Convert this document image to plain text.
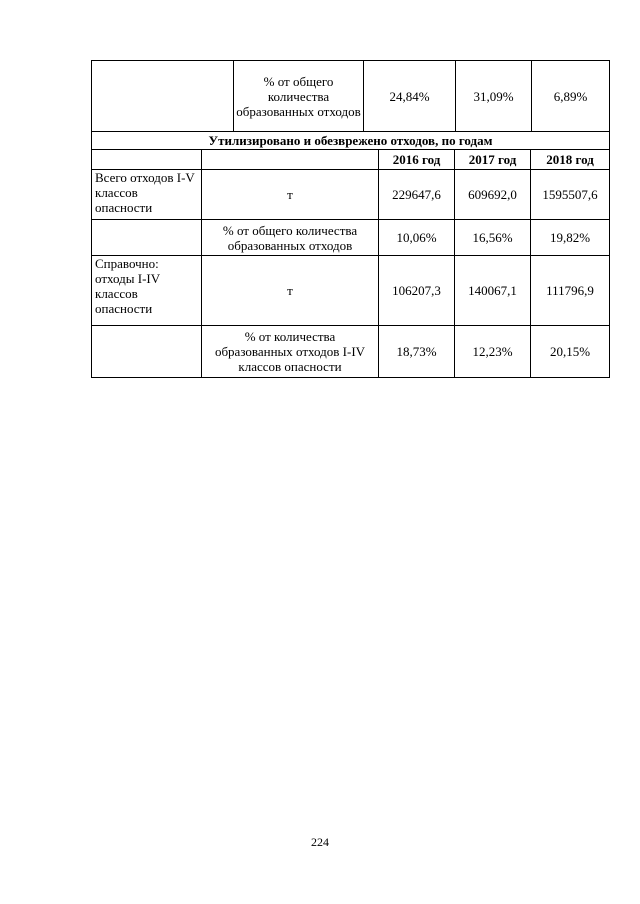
	% от общего количества образованных отходов	24,84%	31,09%	6,89%
Утилизировано и обезврежено отходов, по годам				
		2016 год	2017 год	2018 год
Всего отходов I-V классов опасности	т	229647,6	609692,0	1595507,6
	% от общего количества образованных отходов	10,06%	16,56%	19,82%
Справочно: отходы I-IV классов опасности	т	106207,3	140067,1	111796,9
	% от количества образованных отходов I-IV классов опасности	18,73%	12,23%	20,15%
224
